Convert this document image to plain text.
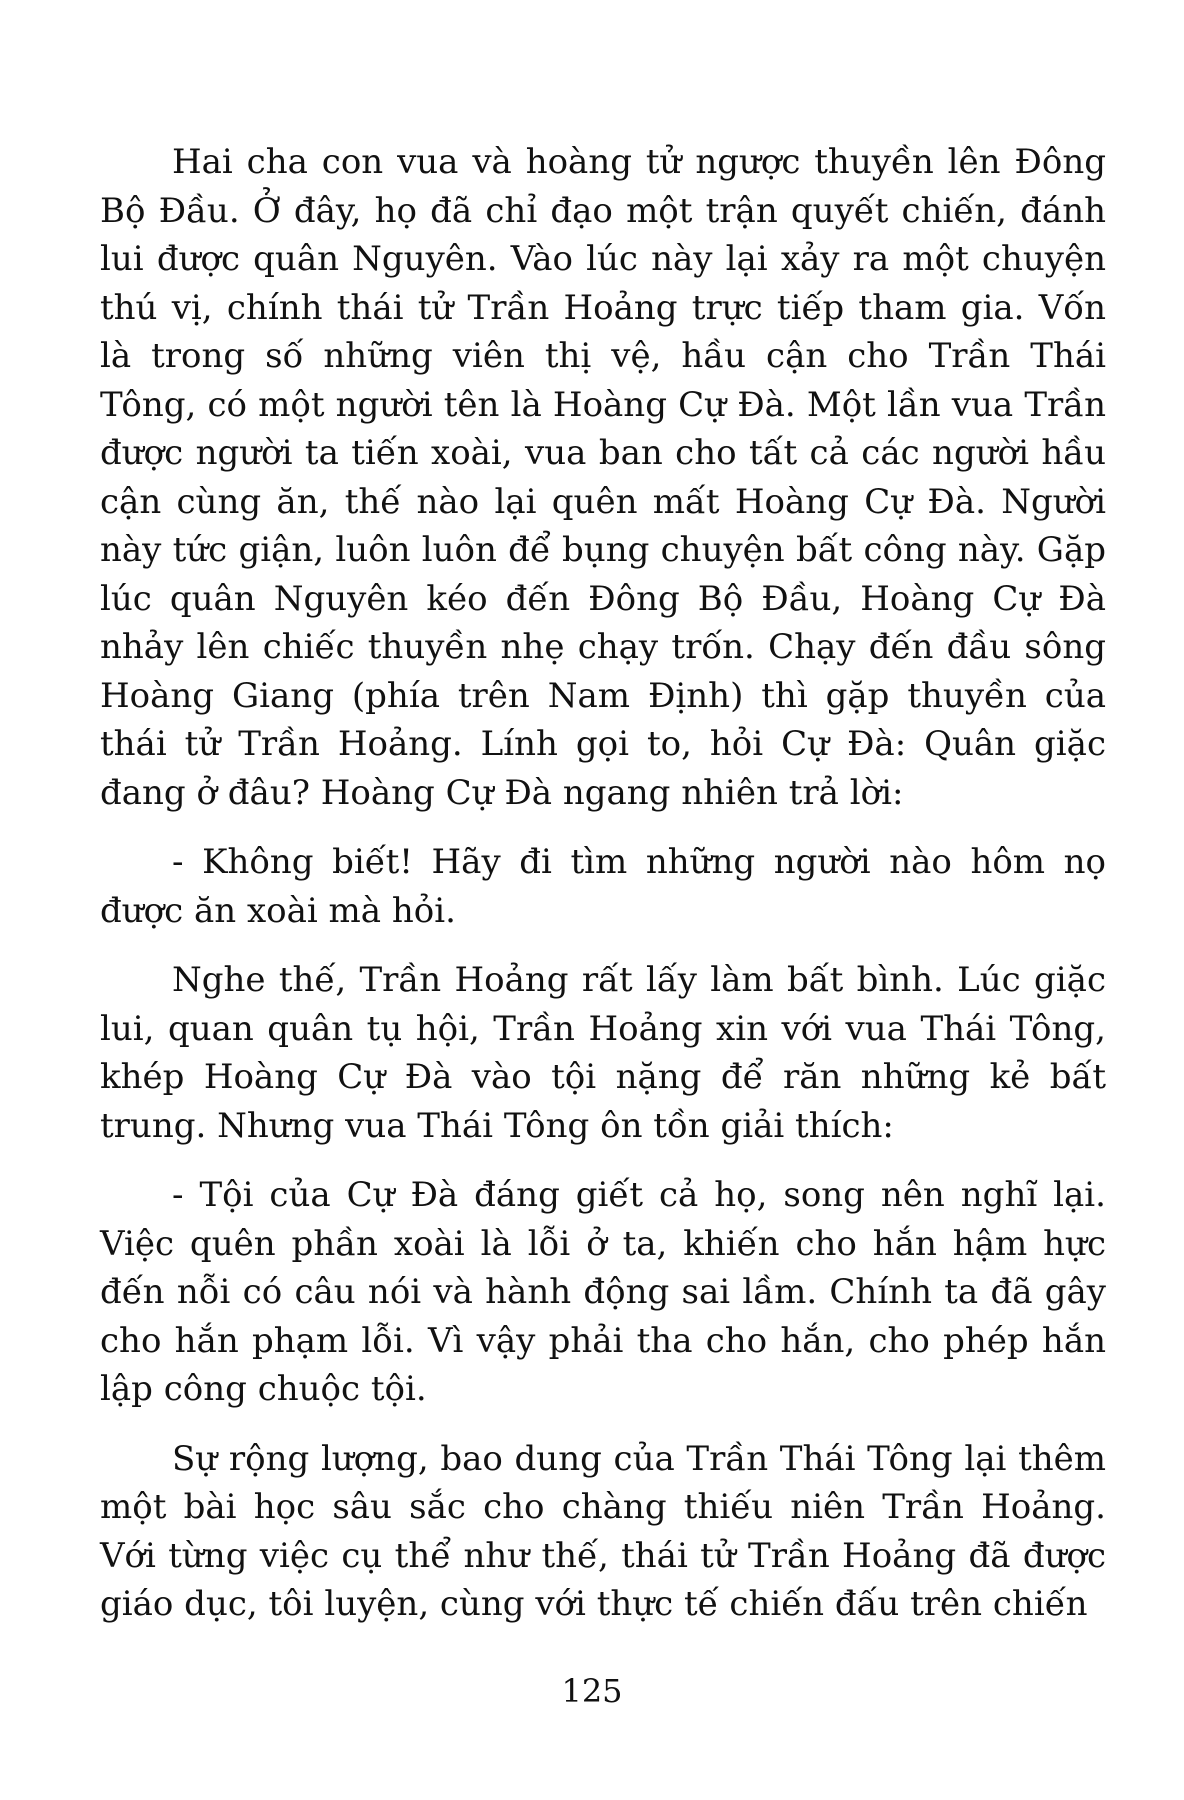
Hai cha con vua và hoàng tử ngược thuyền lên Đông Bộ Đầu. Ở đây, họ đã chỉ đạo một trận quyết chiến, đánh lui được quân Nguyên. Vào lúc này lại xảy ra một chuyện thú vị, chính thái tử Trần Hoảng trực tiếp tham gia. Vốn là trong số những viên thị vệ, hầu cận cho Trần Thái Tông, có một người tên là Hoàng Cự Đà. Một lần vua Trần được người ta tiến xoài, vua ban cho tất cả các người hầu cận cùng ăn, thế nào lại quên mất Hoàng Cự Đà. Người này tức giận, luôn luôn để bụng chuyện bất công này. Gặp lúc quân Nguyên kéo đến Đông Bộ Đầu, Hoàng Cự Đà nhảy lên chiếc thuyền nhẹ chạy trốn. Chạy đến đầu sông Hoàng Giang (phía trên Nam Định) thì gặp thuyền của thái tử Trần Hoảng. Lính gọi to, hỏi Cự Đà: Quân giặc đang ở đâu? Hoàng Cự Đà ngang nhiên trả lời:

- Không biết! Hãy đi tìm những người nào hôm nọ được ăn xoài mà hỏi.

Nghe thế, Trần Hoảng rất lấy làm bất bình. Lúc giặc lui, quan quân tụ hội, Trần Hoảng xin với vua Thái Tông, khép Hoàng Cự Đà vào tội nặng để răn những kẻ bất trung. Nhưng vua Thái Tông ôn tồn giải thích:

- Tội của Cự Đà đáng giết cả họ, song nên nghĩ lại. Việc quên phần xoài là lỗi ở ta, khiến cho hắn hậm hực đến nỗi có câu nói và hành động sai lầm. Chính ta đã gây cho hắn phạm lỗi. Vì vậy phải tha cho hắn, cho phép hắn lập công chuộc tội.

Sự rộng lượng, bao dung của Trần Thái Tông lại thêm một bài học sâu sắc cho chàng thiếu niên Trần Hoảng. Với từng việc cụ thể như thế, thái tử Trần Hoảng đã được giáo dục, tôi luyện, cùng với thực tế chiến đấu trên chiến

125
